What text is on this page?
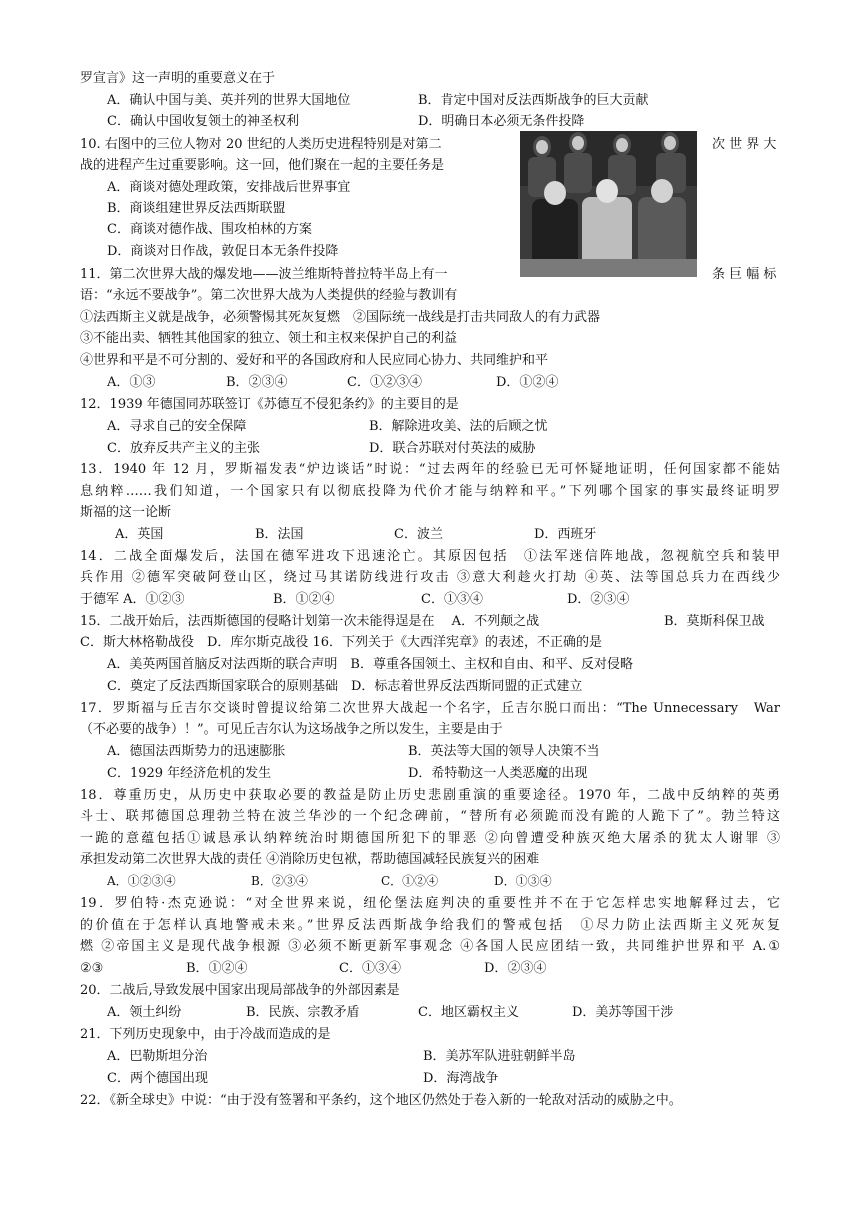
罗宣言》这一声明的重要意义在于
A．确认中国与美、英并列的世界大国地位	B．肯定中国对反法西斯战争的巨大贡献
C．确认中国收复领土的神圣权利	D．明确日本必须无条件投降
10. 右图中的三位人物对 20 世纪的人类历史进程特别是对第二	次 世 界 大
战的进程产生过重要影响。这一回，他们聚在一起的主要任务是
A．商谈对德处理政策，安排战后世界事宜
B．商谈组建世界反法西斯联盟
C．商谈对德作战、围攻柏林的方案
D．商谈对日作战，敦促日本无条件投降
11．第二次世界大战的爆发地——波兰维斯特普拉特半岛上有一	条 巨 幅 标
语：“永远不要战争”。第二次世界大战为人类提供的经验与教训有
①法西斯主义就是战争，必须警惕其死灰复燃　②国际统一战线是打击共同敌人的有力武器
③不能出卖、牺牲其他国家的独立、领土和主权来保护自己的利益
④世界和平是不可分割的、爱好和平的各国政府和人民应同心协力、共同维护和平
A．①③	B．②③④	C．①②③④	D．①②④
12．1939 年德国同苏联签订《苏德互不侵犯条约》的主要目的是
A．寻求自己的安全保障	B．解除进攻美、法的后顾之忧
C．放弃反共产主义的主张	D．联合苏联对付英法的威胁
13．1940 年 12 月，罗斯福发表“炉边谈话”时说：“过去两年的经验已无可怀疑地证明，任何国家都不能姑
息纳粹……我们知道，一个国家只有以彻底投降为代价才能与纳粹和平。”下列哪个国家的事实最终证明罗
斯福的这一论断
A．英国	B．法国	C．波兰	D．西班牙
14．二战全面爆发后，法国在德军进攻下迅速沦亡。其原因包括　①法军迷信阵地战，忽视航空兵和装甲
兵作用 ②德军突破阿登山区，绕过马其诺防线进行攻击 ③意大利趁火打劫 ④英、法等国总兵力在西线少
于德军 A．①②③	B．①②④	C．①③④	D．②③④
15．二战开始后，法西斯德国的侵略计划第一次未能得逞是在　 A．不列颠之战	B．莫斯科保卫战
C．斯大林格勒战役　D．库尔斯克战役 16．下列关于《大西洋宪章》的表述，不正确的是
A．美英两国首脑反对法西斯的联合声明　B．尊重各国领土、主权和自由、和平、反对侵略
C．奠定了反法西斯国家联合的原则基础　D．标志着世界反法西斯同盟的正式建立
17．罗斯福与丘吉尔交谈时曾提议给第二次世界大战起一个名字，丘吉尔脱口而出：“The Unnecessary　War
（不必要的战争）！”。可见丘吉尔认为这场战争之所以发生，主要是由于
A．德国法西斯势力的迅速膨胀	B．英法等大国的领导人决策不当
C．1929 年经济危机的发生	D．希特勒这一人类恶魔的出现
18．尊重历史，从历史中获取必要的教益是防止历史悲剧重演的重要途径。1970 年，二战中反纳粹的英勇
斗士、联邦德国总理勃兰特在波兰华沙的一个纪念碑前，“替所有必须跪而没有跪的人跪下了”。勃兰特这
一跪的意蕴包括①诚恳承认纳粹统治时期德国所犯下的罪恶 ②向曾遭受种族灭绝大屠杀的犹太人谢罪 ③
承担发动第二次世界大战的责任 ④消除历史包袱，帮助德国减轻民族复兴的困难
A．①②③④	B．②③④	C．①②④	D．①③④
19．罗伯特·杰克逊说：“对全世界来说，纽伦堡法庭判决的重要性并不在于它怎样忠实地解释过去，它
的价值在于怎样认真地警戒未来。”世界反法西斯战争给我们的警戒包括　①尽力防止法西斯主义死灰复
燃 ②帝国主义是现代战争根源 ③必须不断更新军事观念 ④各国人民应团结一致，共同维护世界和平 A.①
②③	B．①②④	C．①③④	D．②③④
20．二战后,导致发展中国家出现局部战争的外部因素是
A．领土纠纷	B．民族、宗教矛盾	C．地区霸权主义	D．美苏等国干涉
21．下列历史现象中，由于冷战而造成的是
A．巴勒斯坦分治	B．美苏军队进驻朝鲜半岛
C．两个德国出现	D．海湾战争
22．《新全球史》中说：“由于没有签署和平条约，这个地区仍然处于卷入新的一轮敌对活动的威胁之中。
